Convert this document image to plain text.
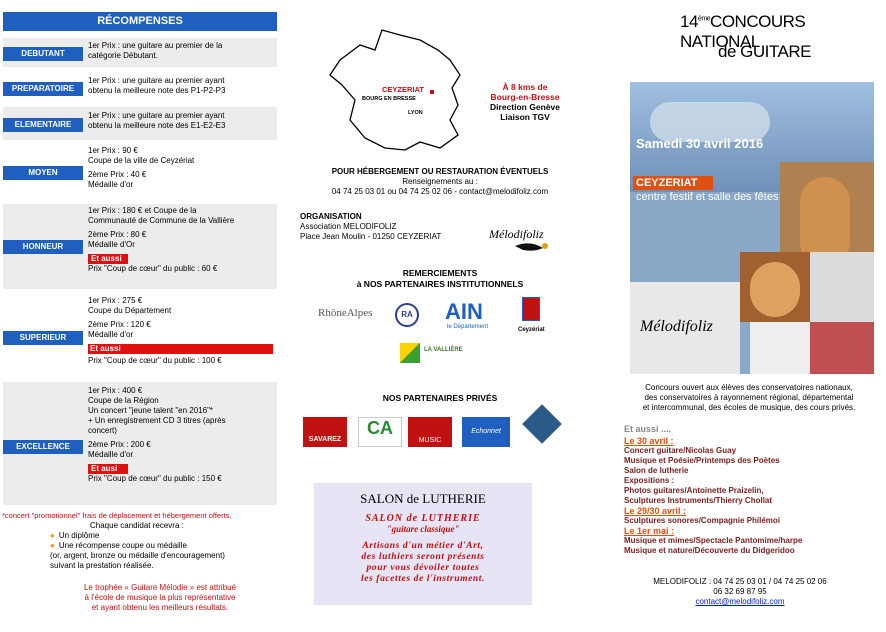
RÉCOMPENSES
DEBUTANT

1er Prix : une guitare au premier de la

catégorie Débutant.

PREPARATOIRE

1er Prix : une guitare au premier ayant

obtenu la meilleure note des P1-P2-P3

ELEMENTAIRE

1er Prix : une guitare au premier ayant

obtenu la meilleure note des E1-E2-E3

MOYEN

1er Prix : 90 €

Coupe de la ville de Ceyzériat

2ème Prix : 40 €

Médaille d'or

HONNEUR

1er Prix : 180 € et Coupe de la

Communauté de Commune de la Vallière

2ème Prix : 80 €

Médaille d'Or

Et aussi

Prix "Coup de cœur" du public : 60 €

SUPERIEUR

1er Prix : 275 €

Coupe du Département

2ème Prix : 120 €

Médaille d'or

Et aussi

Prix "Coup de cœur" du public : 100 €

EXCELLENCE

1er Prix : 400 €

Coupe de la Région

Un concert "jeune talent "en 2016"*

+ Un enregistrement CD 3 titres (après

concert)

2ème Prix : 200 €

Médaille d'or

Et ausi

Prix "Coup de cœur" du public : 150 €

*concert "promotionnel" frais de déplacement et hébergement offerts.

Chaque candidat recevra :

● Un diplôme

● Une récompense coupe ou médaille

(or, argent, bronze ou médaille d'encouragement)

suivant la prestation réalisée.

Le trophée « Guitare Mélodie » est attribué

à l'école de musique la plus représentative

et ayant obtenu les meilleurs résultats.

CEYZERIAT
BOURG EN BRESSE
LYON

À 8 kms de

Bourg-en-Bresse

Direction Genève

Liaison TGV

POUR HÉBERGEMENT OU RESTAURATION ÉVENTUELS

Renseignements au :

04 74 25 03 01 ou 04 74 25 02 06 - contact@melodifoliz.com

ORGANISATION

Association MELODIFOLIZ

Place Jean Moulin - 01250 CEYZERIAT	Mélodifoliz

REMERCIEMENTS

à NOS PARTENAIRES INSTITUTIONNELS

RhôneAlpes	RA AIN
le Département	Ceyzériat
LA VALLIÈRE
NOS PARTENAIRES PRIVÉS
SAVAREZ
CA
MUSIC
Echonnet
SALON de LUTHERIE
SALON de LUTHERIE
"guitare classique"

Artisans d'un métier d'Art,

des luthiers seront présents

pour vous dévoiler toutes

les facettes de l'instrument.

14èmeCONCOURS NATIONAL
de GUITARE
Samedi 30 avril 2016
CEYZERIAT
centre festif et salle des fêtes
Mélodifoliz

Concours ouvert aux élèves des conservatoires nationaux,

des conservatoires à rayonnement régional, départemental

et intercommunal, des écoles de musique, des cours privés.

Et aussi ....

Le 30 avril :

Concert guitare/Nicolas Guay

Musique et Poésie/Printemps des Poètes

Salon de lutherie

Expositions :

Photos guitares/Antoinette Praizelin,

Sculptures Instruments/Thierry Chollat

Le 29/30 avril :

Sculptures sonores/Compagnie Philémoi

Le 1er mai :

Musique et mimes/Spectacle Pantomime/harpe

Musique et nature/Découverte du Didgeridoo

MELODIFOLIZ : 04 74 25 03 01 / 04 74 25 02 06

06 32 69 87 95

contact@melodifoliz.com
